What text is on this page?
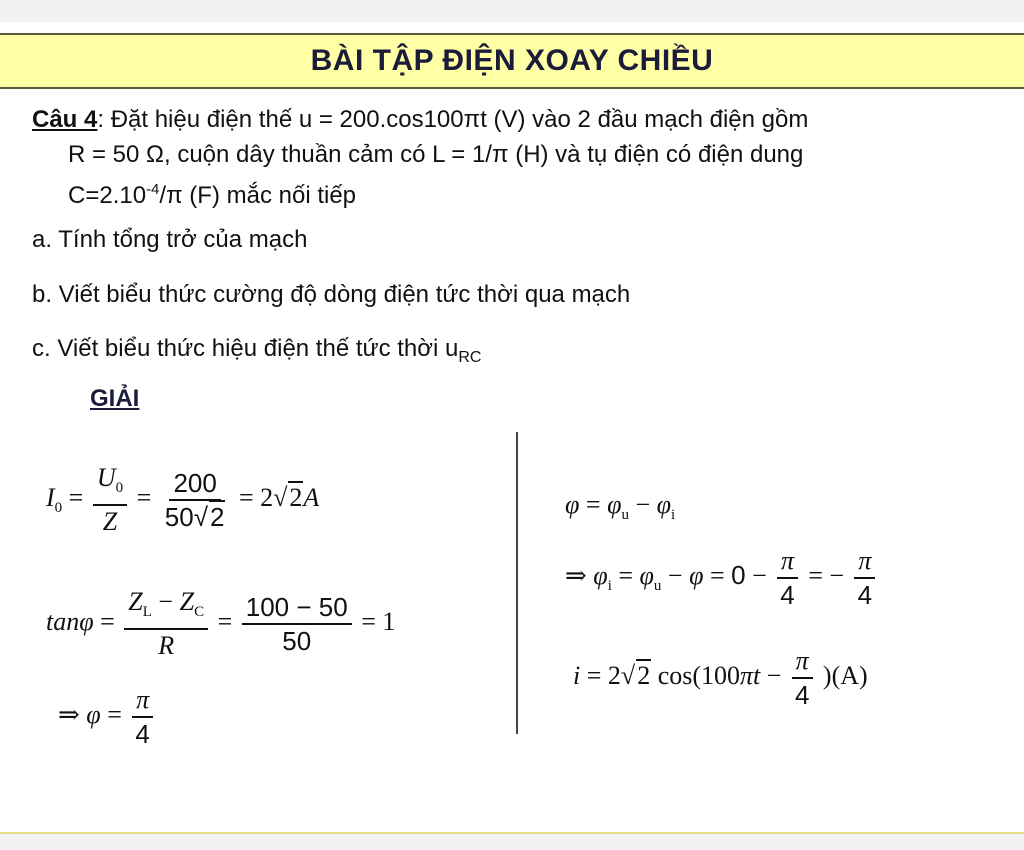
BÀI TẬP ĐIỆN XOAY CHIỀU
Câu 4: Đặt hiệu điện thế u = 200.cos100πt (V) vào 2 đầu mạch điện gồm
R = 50 Ω, cuộn dây thuần cảm có L = 1/π (H) và tụ điện có điện dung
$C=2.10^{-4}/\pi$ (F) mắc nối tiếp
a. Tính tổng trở của mạch
b. Viết biểu thức cường độ dòng điện tức thời qua mạch
c. Viết biểu thức hiệu điện thế tức thời $u_{RC}$
GIẢI
$I_0 = \frac{U_0}{Z} = \frac{200}{50√2} = 2√2A$
$\tan\varphi = \frac{Z_L - Z_C}{R} = \frac{100 - 50}{50} = 1$
⇒ $\varphi = \frac{\pi}{4}$
$\varphi = \varphi_u - \varphi_i$
⇒ $\varphi_i = \varphi_u - \varphi = 0 - \frac{\pi}{4}$ = − $\frac{\pi}{4}$
i = 2√2 $\cos(100\pi t - \frac{\pi}{4} )(A)$
